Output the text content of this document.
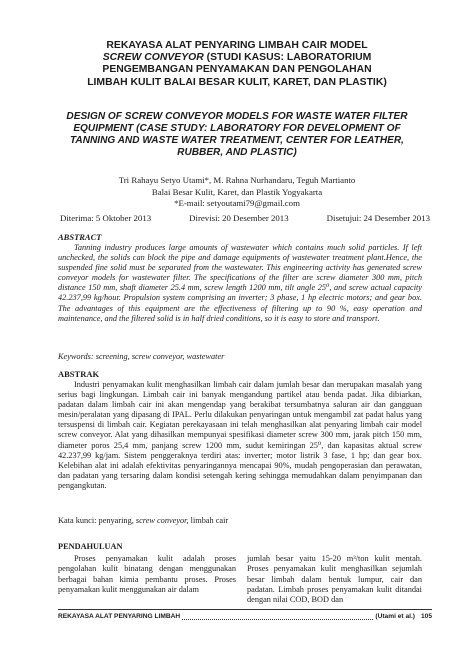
REKAYASA ALAT PENYARING LIMBAH CAIR MODEL
SCREW CONVEYOR (STUDI KASUS: LABORATORIUM
PENGEMBANGAN PENYAMAKAN DAN PENGOLAHAN
LIMBAH KULIT BALAI BESAR KULIT, KARET, DAN PLASTIK)
DESIGN OF SCREW CONVEYOR MODELS FOR WASTE WATER FILTER
EQUIPMENT (CASE STUDY: LABORATORY FOR DEVELOPMENT OF
TANNING AND WASTE WATER TREATMENT, CENTER FOR LEATHER,
RUBBER, AND PLASTIC)
Tri Rahayu Setyo Utami*, M. Rahna Nurhandaru, Teguh Martianto
Balai Besar Kulit, Karet, dan Plastik Yogyakarta
*E-mail: setyoutami79@gmail.com
Diterima: 5 Oktober 2013	Direvisi: 20 Desember 2013	Disetujui: 24 Desember 2013
ABSTRACT
Tanning industry produces large amounts of wastewater which contains much solid particles. If left unchecked, the solids can block the pipe and damage equipments of wastewater treatment plant.Hence, the suspended fine solid must be separated from the wastewater. This engineering activity has generated screw conveyor models for wastewater filter. The specifications of the filter are screw diameter 300 mm, pitch distance 150 mm, shaft diameter 25.4 mm, screw length 1200 mm, tilt angle 25⁰, and screw actual capacity 42.237,99 kg/hour. Propulsion system comprising an inverter; 3 phase, 1 hp electric motors; and gear box. The advantages of this equipment are the effectiveness of filtering up to 90 %, easy operation and maintenance, and the filtered solid is in half dried conditions, so it is easy to store and transport.
Keywords: screening, screw conveyor, wastewater
ABSTRAK
Industri penyamakan kulit menghasilkan limbah cair dalam jumlah besar dan merupakan masalah yang serius bagi lingkungan. Limbah cair ini banyak mengandung partikel atau benda padat. Jika dibiarkan, padatan dalam limbah cair ini akan mengendap yang berakibat tersumbatnya saluran air dan gangguan mesin/peralatan yang dipasang di IPAL. Perlu dilakukan penyaringan untuk mengambil zat padat halus yang tersuspensi di limbah cair. Kegiatan perekayasaan ini telah menghasilkan alat penyaring limbah cair model screw conveyor. Alat yang dihasilkan mempunyai spesifikasi diameter screw 300 mm, jarak pitch 150 mm, diameter poros 25,4 mm, panjang screw 1200 mm, sudut kemiringan 25⁰, dan kapasitas aktual screw 42.237,99 kg/jam. Sistem penggeraknya terdiri atas: inverter; motor listrik 3 fase, 1 hp; dan gear box. Kelebihan alat ini adalah efektivitas penyaringannya mencapai 90%, mudah pengoperasian dan perawatan, dan padatan yang tersaring dalam kondisi setengah kering sehingga memudahkan dalam penyimpanan dan pengangkutan.
Kata kunci: penyaring, screw conveyor, limbah cair
PENDAHULUAN

Proses penyamakan kulit adalah proses pengolahan kulit binatang dengan menggunakan berbagai bahan kimia pembantu proses. Proses penyamakan kulit menggunakan air dalam

jumlah besar yaitu 15-20 m³/ton kulit mentah. Proses penyamakan kulit menghasilkan sejumlah besar limbah dalam bentuk lumpur, cair dan padatan. Limbah proses penyamakan kulit ditandai dengan nilai COD, BOD dan

REKAYASA ALAT PENYARING LIMBAH	(Utami et al.) 105
